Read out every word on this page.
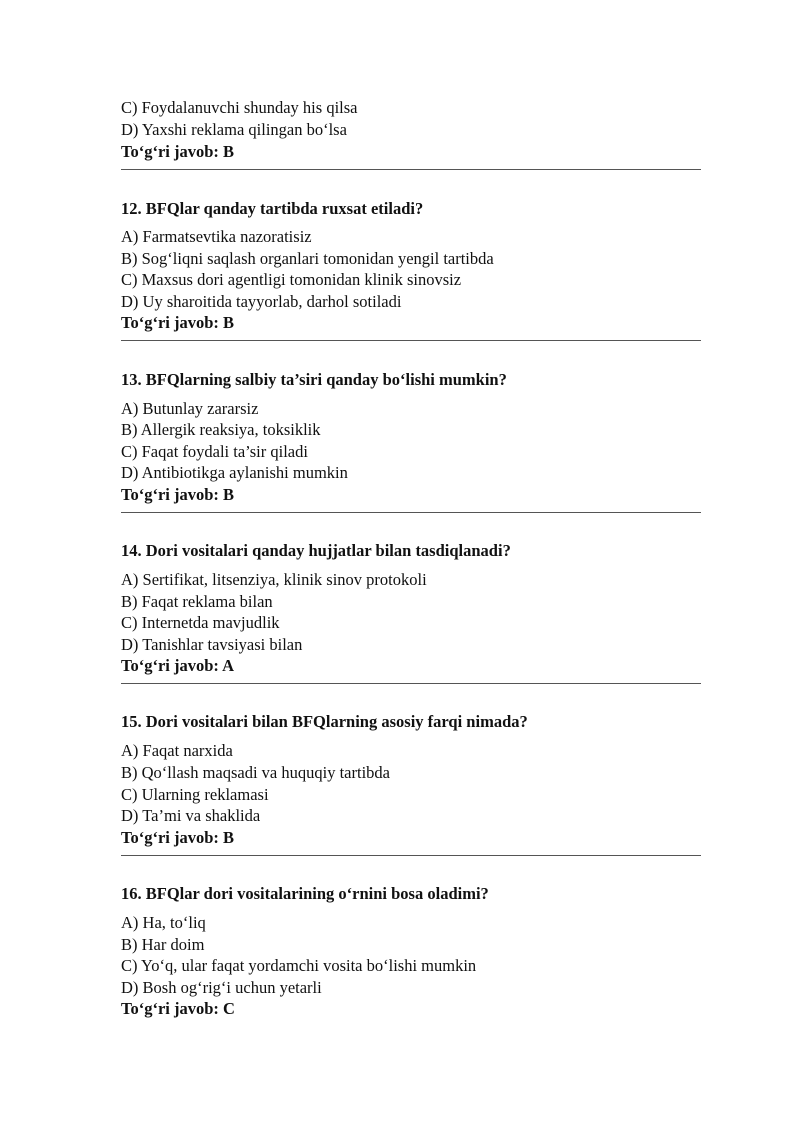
C) Foydalanuvchi shunday his qilsa
D) Yaxshi reklama qilingan bo‘lsa
To‘g‘ri javob: B
12. BFQlar qanday tartibda ruxsat etiladi?
A) Farmatsevtika nazoratisiz
B) Sog‘liqni saqlash organlari tomonidan yengil tartibda
C) Maxsus dori agentligi tomonidan klinik sinovsiz
D) Uy sharoitida tayyorlab, darhol sotiladi
To‘g‘ri javob: B
13. BFQlarning salbiy ta’siri qanday bo‘lishi mumkin?
A) Butunlay zararsiz
B) Allergik reaksiya, toksiklik
C) Faqat foydali ta’sir qiladi
D) Antibiotikga aylanishi mumkin
To‘g‘ri javob: B
14. Dori vositalari qanday hujjatlar bilan tasdiqlanadi?
A) Sertifikat, litsenziya, klinik sinov protokoli
B) Faqat reklama bilan
C) Internetda mavjudlik
D) Tanishlar tavsiyasi bilan
To‘g‘ri javob: A
15. Dori vositalari bilan BFQlarning asosiy farqi nimada?
A) Faqat narxida
B) Qo‘llash maqsadi va huquqiy tartibda
C) Ularning reklamasi
D) Ta’mi va shaklida
To‘g‘ri javob: B
16. BFQlar dori vositalarining o‘rnini bosa oladimi?
A) Ha, to‘liq
B) Har doim
C) Yo‘q, ular faqat yordamchi vosita bo‘lishi mumkin
D) Bosh og‘rig‘i uchun yetarli
To‘g‘ri javob: C
